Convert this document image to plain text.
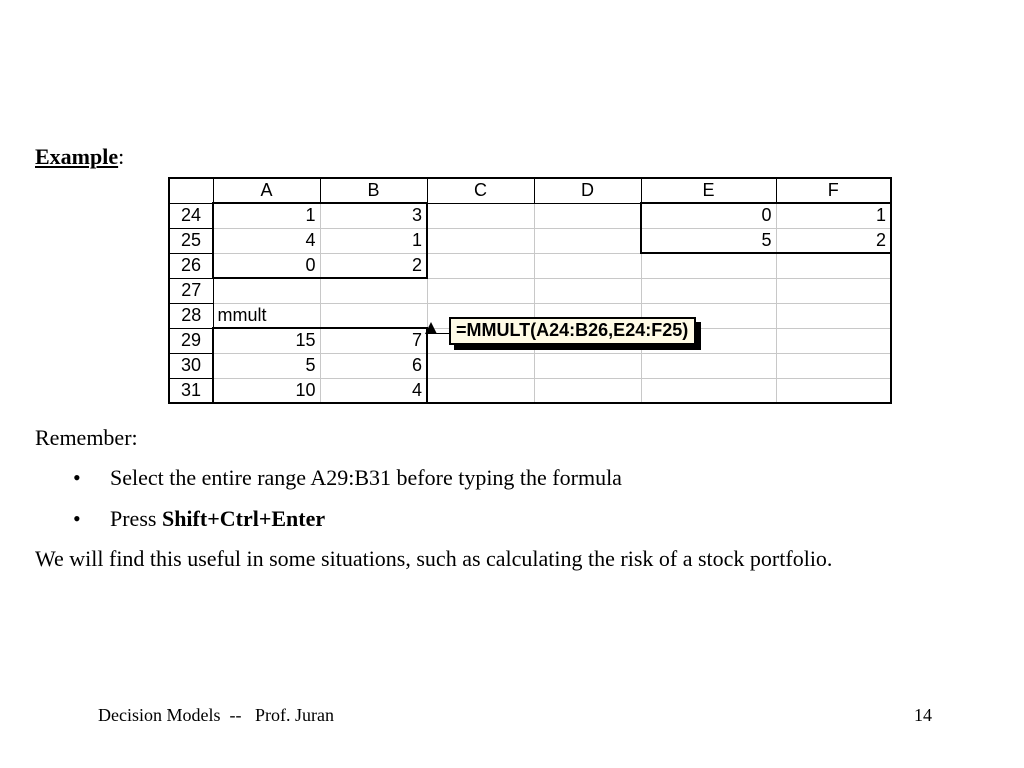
Example:
	A	B	C	D	E	F
24	1	3			0	1
25	4	1			5	2
26	0	2				
27						
28	mmult					
29	15	7				
30	5	6				
31	10	4				
=MMULT(A24:B26,E24:F25)
Remember:
• Select the entire range A29:B31 before typing the formula
• Press Shift+Ctrl+Enter
We will find this useful in some situations, such as calculating the risk of a stock portfolio.
Decision Models  --   Prof. Juran	14
